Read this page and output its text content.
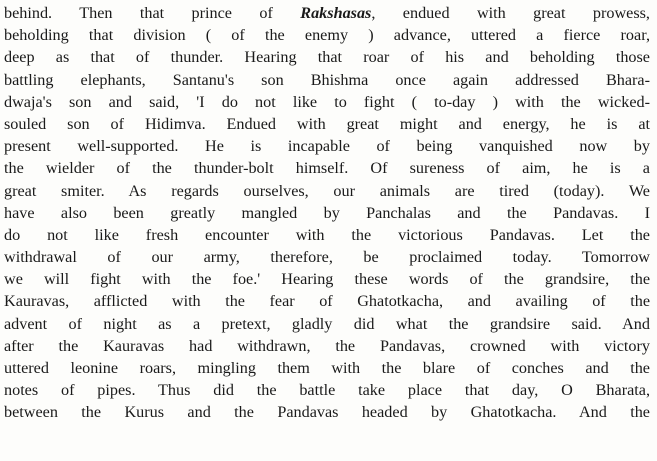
behind. Then that prince of Rakshasas, endued with great prowess,
beholding that division ( of the enemy ) advance, uttered a fierce roar,
deep as that of thunder. Hearing that roar of his and beholding those
battling elephants, Santanu's son Bhishma once again addressed Bhara-
dwaja's son and said, 'I do not like to fight ( to-day ) with the wicked-
souled son of Hidimva. Endued with great might and energy, he is at
present well-supported. He is incapable of being vanquished now by
the wielder of the thunder-bolt himself. Of sureness of aim, he is a
great smiter. As regards ourselves, our animals are tired (today). We
have also been greatly mangled by Panchalas and the Pandavas. I
do not like fresh encounter with the victorious Pandavas. Let the
withdrawal of our army, therefore, be proclaimed today. Tomorrow
we will fight with the foe.' Hearing these words of the grandsire, the
Kauravas, afflicted with the fear of Ghatotkacha, and availing of the
advent of night as a pretext, gladly did what the grandsire said. And
after the Kauravas had withdrawn, the Pandavas, crowned with victory
uttered leonine roars, mingling them with the blare of conches and the
notes of pipes. Thus did the battle take place that day, O Bharata,
between the Kurus and the Pandavas headed by Ghatotkacha. And the
